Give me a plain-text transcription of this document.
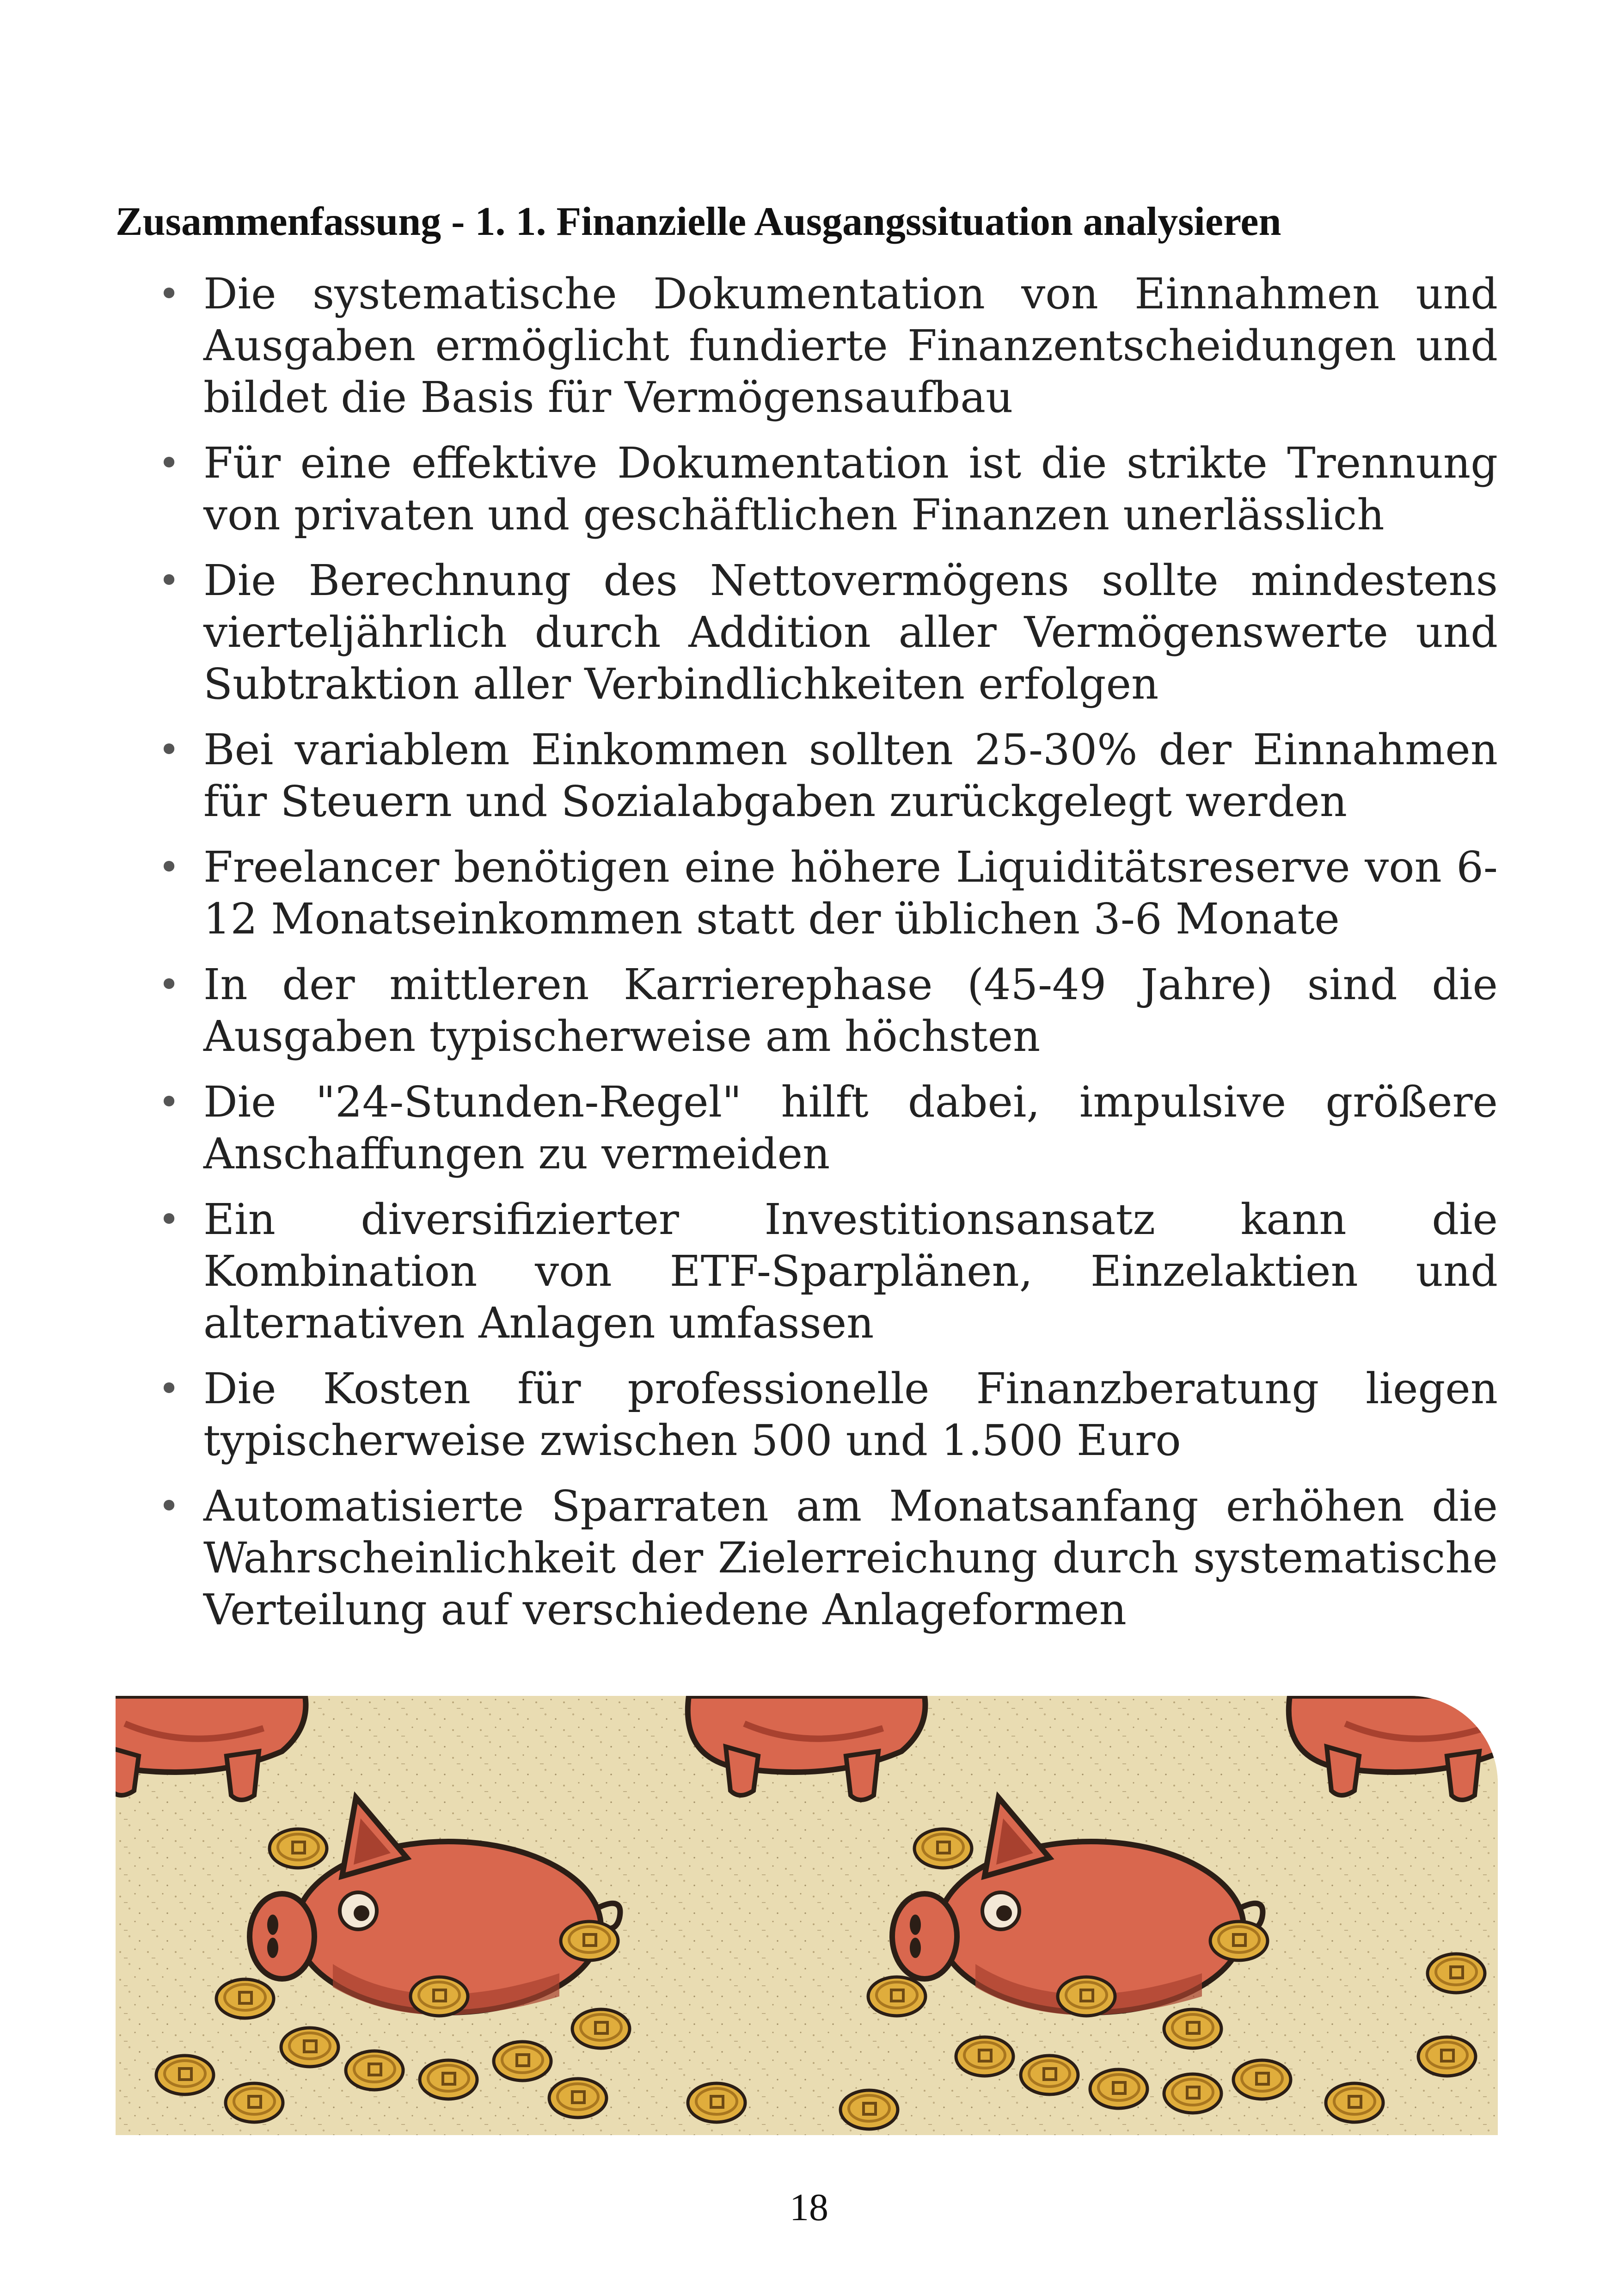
Zusammenfassung - 1. 1. Finanzielle Ausgangssituation analysieren
• Die systematische Dokumentation von Einnahmen und Ausgaben ermöglicht fundierte Finanzentscheidungen und bildet die Basis für Vermögensaufbau
• Für eine effektive Dokumentation ist die strikte Trennung von privaten und geschäftlichen Finanzen unerlässlich
• Die Berechnung des Nettovermögens sollte mindestens vierteljährlich durch Addition aller Vermögenswerte und Subtraktion aller Verbindlichkeiten erfolgen
• Bei variablem Einkommen sollten 25-30% der Einnahmen für Steuern und Sozialabgaben zurückgelegt werden
• Freelancer benötigen eine höhere Liquiditätsreserve von 6-12 Monatseinkommen statt der üblichen 3-6 Monate
• In der mittleren Karrierephase (45-49 Jahre) sind die Ausgaben typischerweise am höchsten
• Die "24-Stunden-Regel" hilft dabei, impulsive größere Anschaffungen zu vermeiden
• Ein diversifizierter Investitionsansatz kann die Kombination von ETF-Sparplänen, Einzelaktien und alternativen Anlagen umfassen
• Die Kosten für professionelle Finanzberatung liegen typischerweise zwischen 500 und 1.500 Euro
• Automatisierte Sparraten am Monatsanfang erhöhen die Wahrscheinlichkeit der Zielerreichung durch systematische Verteilung auf verschiedene Anlageformen
18
